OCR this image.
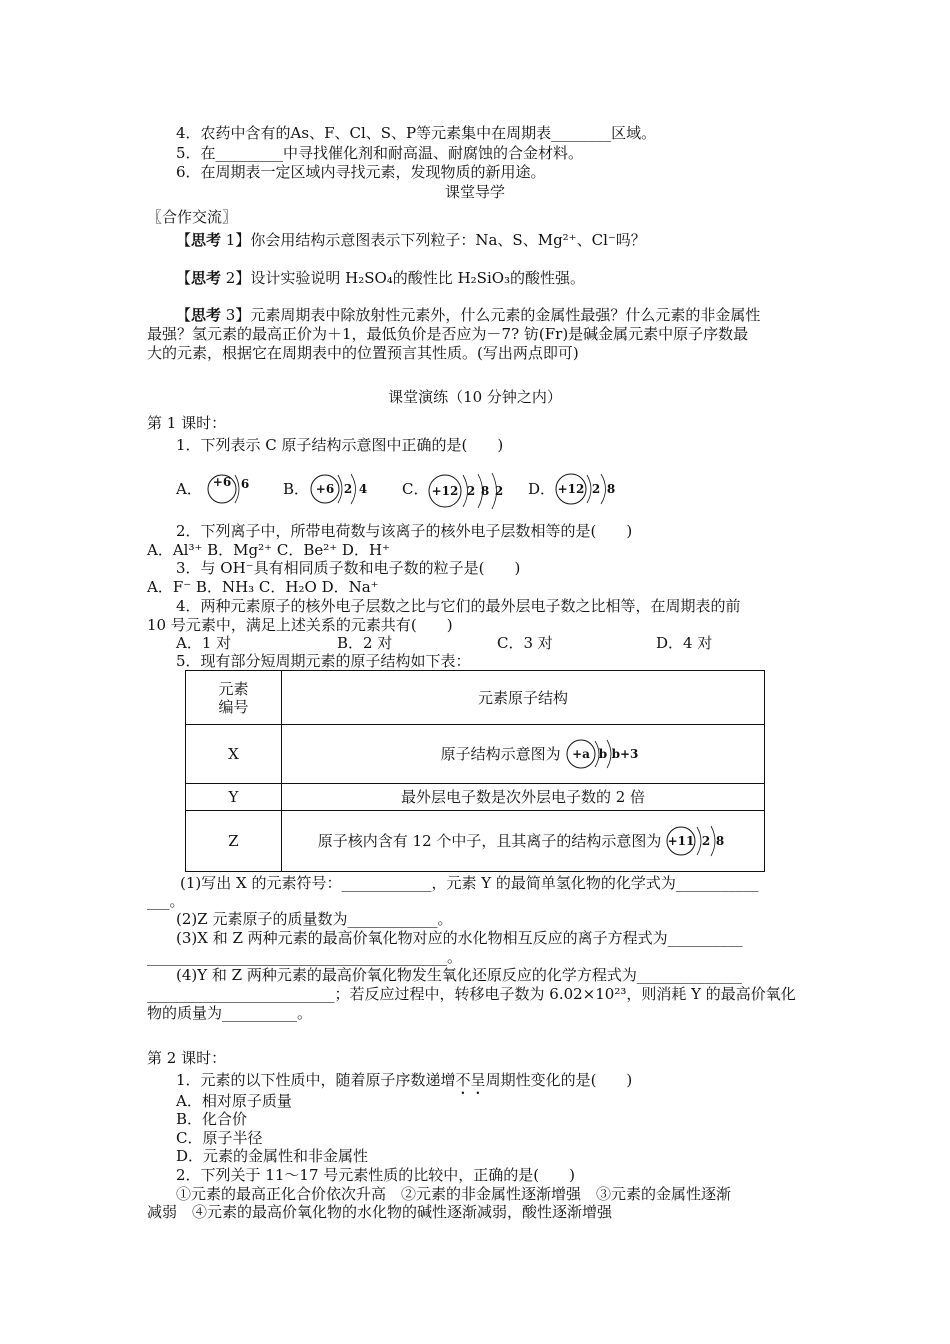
4．农药中含有的As、F、Cl、S、P等元素集中在周期表________区域。
5．在_________中寻找催化剂和耐高温、耐腐蚀的合金材料。
6．在周期表一定区域内寻找元素，发现物质的新用途。
课堂导学
〖合作交流〗
【思考 1】你会用结构示意图表示下列粒子：Na、S、Mg²⁺、Cl⁻吗？
【思考 2】设计实验说明 H₂SO₄的酸性比 H₂SiO₃的酸性强。
【思考 3】元素周期表中除放射性元素外，什么元素的金属性最强？什么元素的非金属性
最强？氢元素的最高正价为＋1，最低负价是否应为－7? 钫(Fr)是碱金属元素中原子序数最
大的元素，根据它在周期表中的位置预言其性质。(写出两点即可)
课堂演练（10 分钟之内）
第 1 课时：
1．下列表示 C 原子结构示意图中正确的是(　　)
A． +6 6 B． +6 2 4 C． +12 2 8 2 D． +12 2 8
2．下列离子中，所带电荷数与该离子的核外电子层数相等的是(　　)
A．Al³⁺ B．Mg²⁺ C．Be²⁺ D．H⁺
3．与 OH⁻具有相同质子数和电子数的粒子是(　　)
A．F⁻ B．NH₃ C．H₂O D．Na⁺
4．两种元素原子的核外电子层数之比与它们的最外层电子数之比相等，在周期表的前
10 号元素中，满足上述关系的元素共有(　　)
A．1 对	B．2 对	C．3 对	D．4 对
5．现有部分短周期元素的原子结构如下表：
元素
编号	元素原子结构
X	原子结构示意图为 +a b b+3

Y	最外层电子数是次外层电子数的 2 倍
Z	原子核内含有 12 个中子，且其离子的结构示意图为 +11 2 8
(1)写出 X 的元素符号：____________，元素 Y 的最简单氢化物的化学式为___________
___。
(2)Z 元素原子的质量数为____________。
(3)X 和 Z 两种元素的最高价氧化物对应的水化物相互反应的离子方程式为__________
________________________________________。
(4)Y 和 Z 两种元素的最高价氧化物发生氧化还原反应的化学方程式为______________
_________________________；若反应过程中，转移电子数为 6.02×10²³，则消耗 Y 的最高价氧化
物的质量为__________。
第 2 课时：
1．元素的以下性质中，随着原子序数递增不呈周期性变化的是(　　)
A．相对原子质量
B．化合价
C．原子半径
D．元素的金属性和非金属性
2．下列关于 11～17 号元素性质的比较中，正确的是(　　)
①元素的最高正化合价依次升高　②元素的非金属性逐渐增强　③元素的金属性逐渐
减弱　④元素的最高价氧化物的水化物的碱性逐渐减弱，酸性逐渐增强
